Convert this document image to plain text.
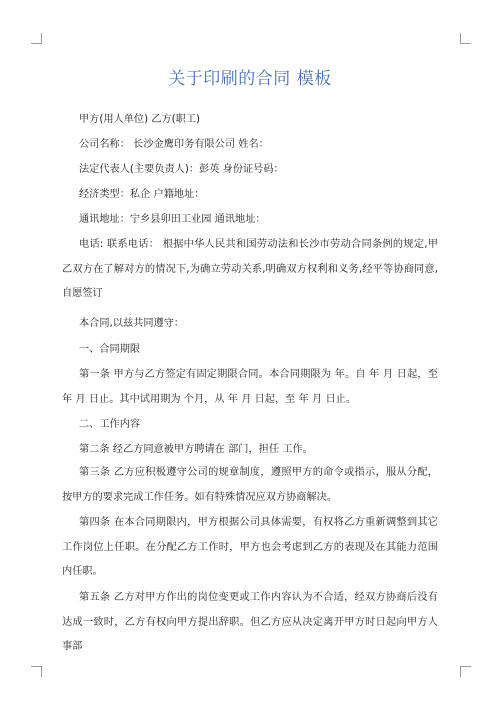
关于印刷的合同 模板
甲方(用人单位) 乙方(职工)
公司名称： 长沙金鹰印务有限公司 姓名：
法定代表人(主要负责人)：彭英 身份证号码：
经济类型：私企 户籍地址：
通讯地址：宁乡县卯田工业园 通讯地址：
电话: 联系电话： 根据中华人民共和国劳动法和长沙市劳动合同条例的规定,甲乙双方在了解对方的情况下,为确立劳动关系,明确双方权利和义务,经平等协商同意,自愿签订
本合同,以兹共同遵守：
一、合同期限
第一条 甲方与乙方签定有固定期限合同。本合同期限为 年。自 年 月 日起，至 年 月 日止。其中试用期为 个月，从 年 月 日起，至 年 月 日止。
二、工作内容
第二条 经乙方同意被甲方聘请在 部门，担任 工作。
第三条 乙方应积极遵守公司的规章制度，遵照甲方的命令或指示，服从分配，按甲方的要求完成工作任务。如有特殊情况应双方协商解决。
第四条 在本合同期限内，甲方根据公司具体需要，有权将乙方重新调整到其它工作岗位上任职。在分配乙方工作时，甲方也会考虑到乙方的表现及在其能力范围内任职。
第五条 乙方对甲方作出的岗位变更或工作内容认为不合适，经双方协商后没有达成一致时，乙方有权向甲方提出辞职。但乙方应从决定离开甲方时日起向甲方人事部
